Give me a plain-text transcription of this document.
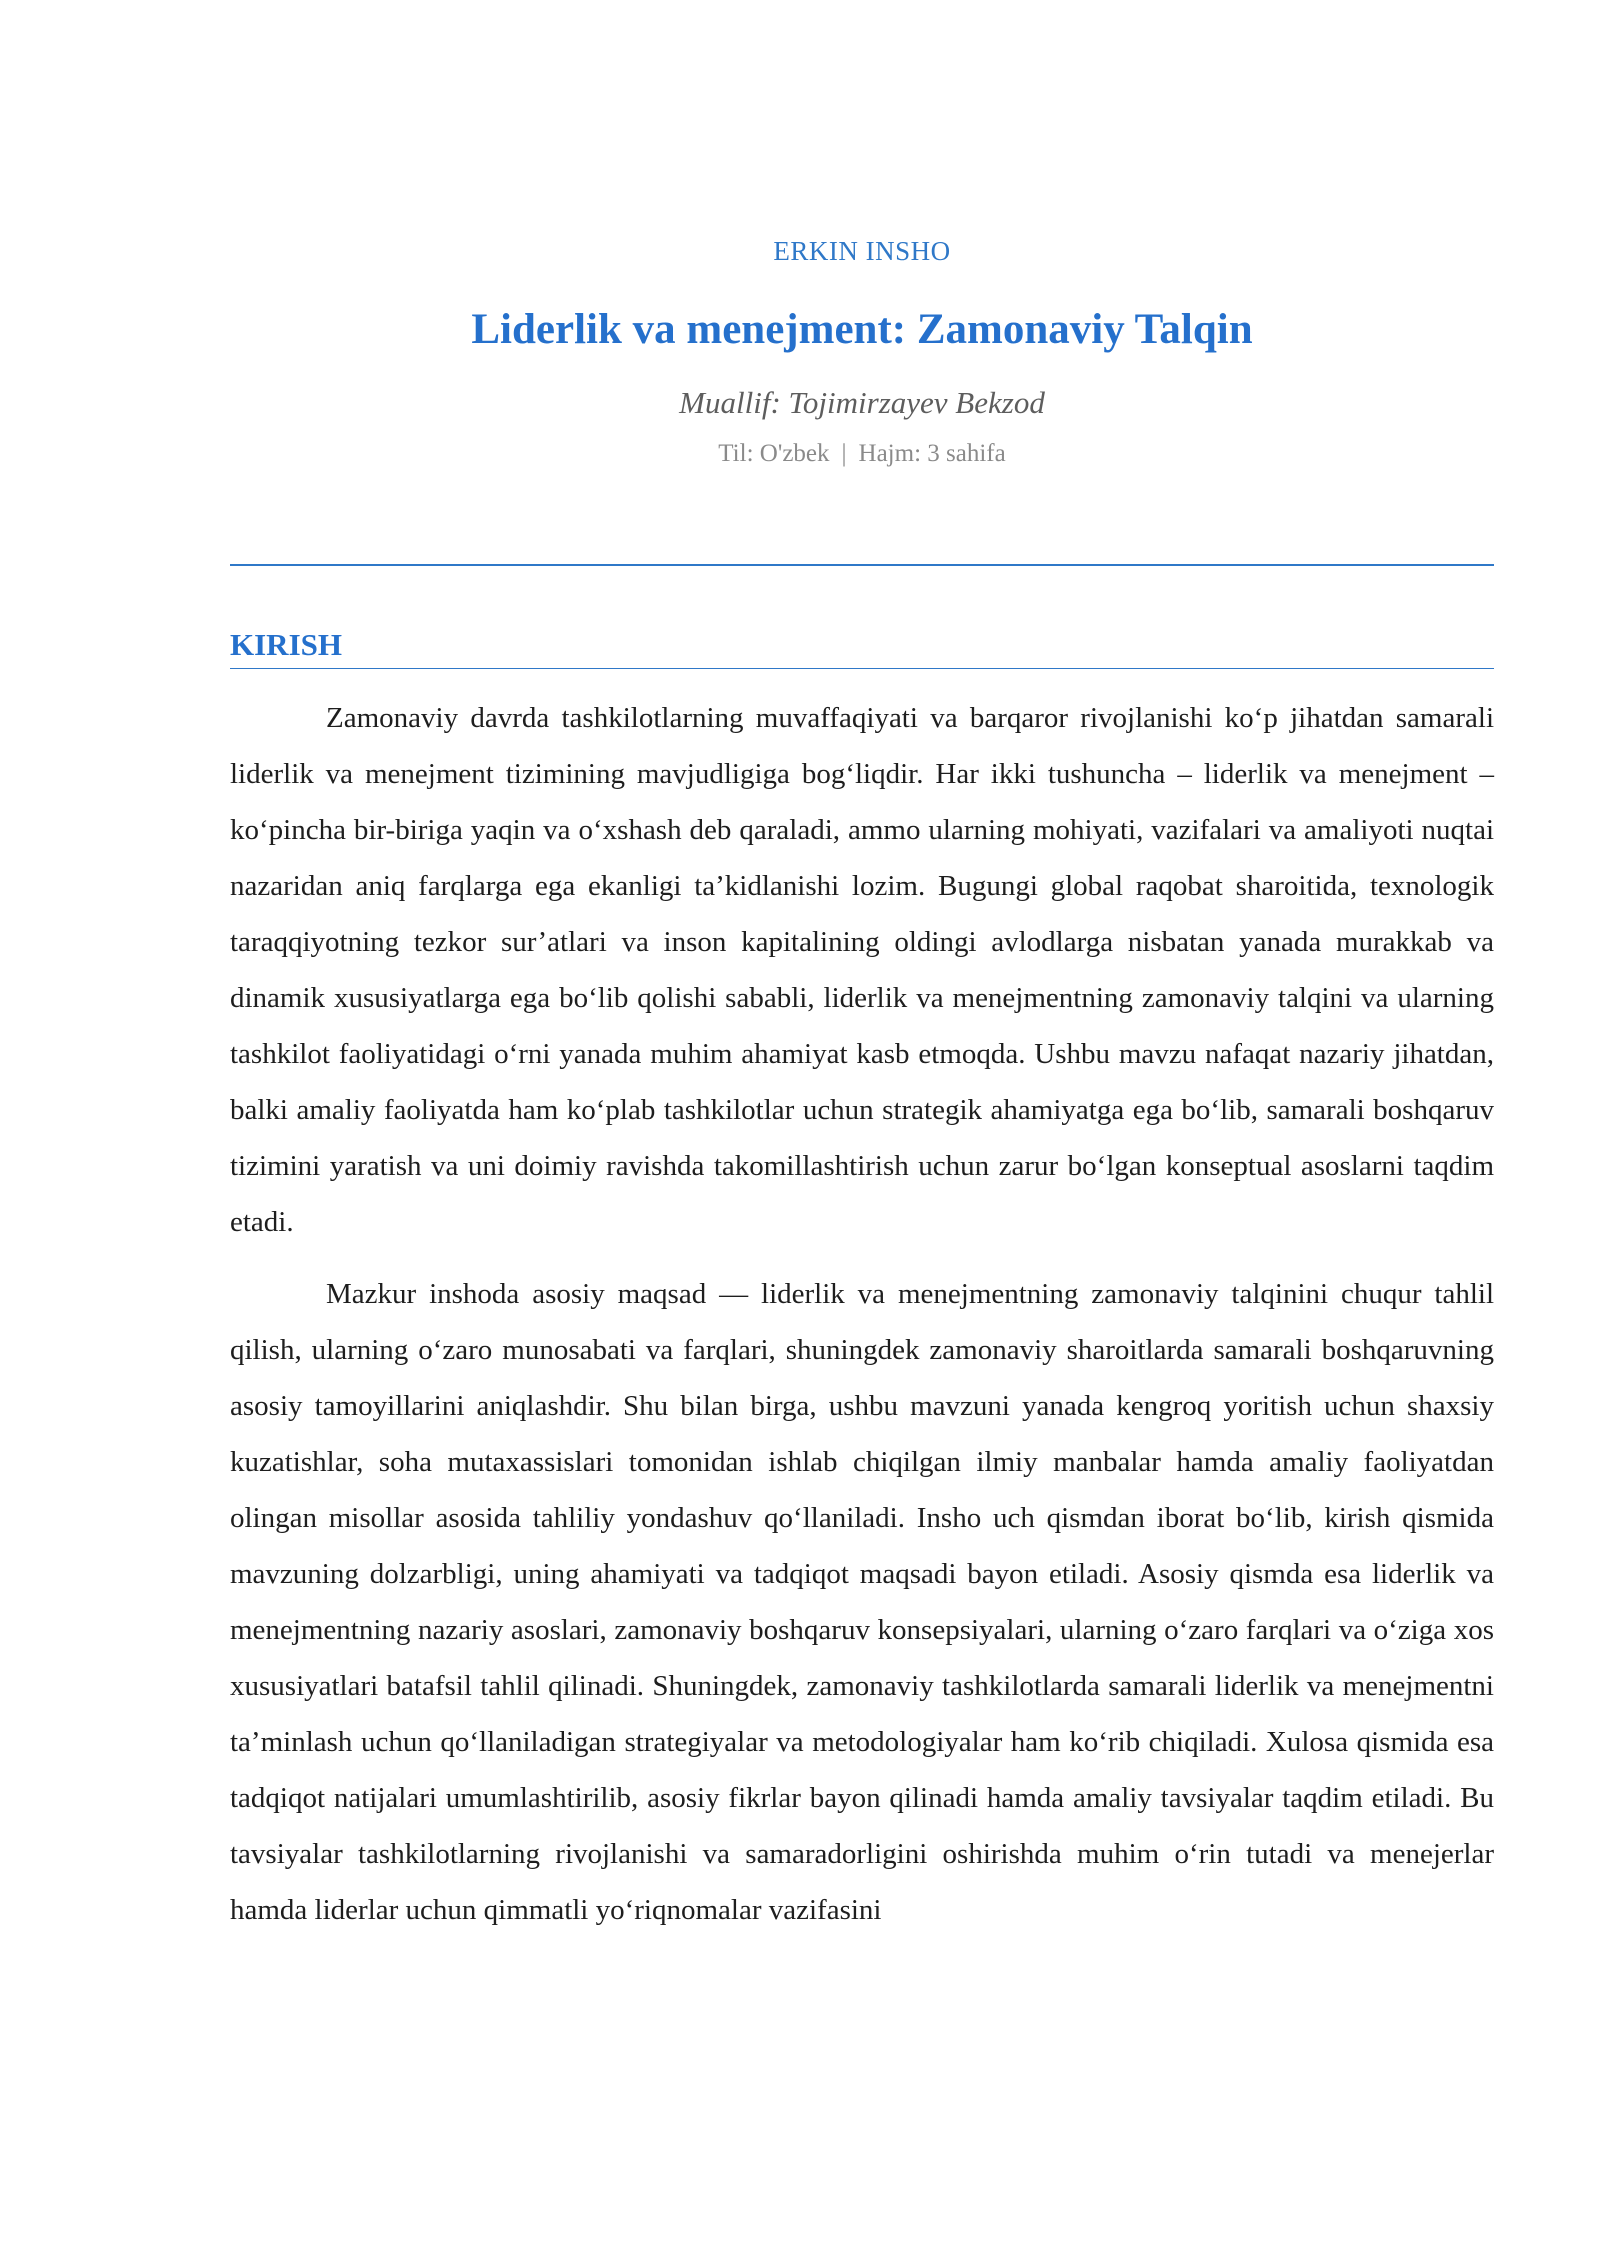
ERKIN INSHO
Liderlik va menejment: Zamonaviy Talqin
Muallif: Tojimirzayev Bekzod
Til: O'zbek | Hajm: 3 sahifa
KIRISH

Zamonaviy davrda tashkilotlarning muvaffaqiyati va barqaror rivojlanishi ko‘p jihatdan samarali liderlik va menejment tizimining mavjudligiga bog‘liqdir. Har ikki tushuncha – liderlik va menejment – ko‘pincha bir-biriga yaqin va o‘xshash deb qaraladi, ammo ularning mohiyati, vazifalari va amaliyoti nuqtai nazaridan aniq farqlarga ega ekanligi ta’kidlanishi lozim. Bugungi global raqobat sharoitida, texnologik taraqqiyotning tezkor sur’atlari va inson kapitalining oldingi avlodlarga nisbatan yanada murakkab va dinamik xususiyatlarga ega bo‘lib qolishi sababli, liderlik va menejmentning zamonaviy talqini va ularning tashkilot faoliyatidagi o‘rni yanada muhim ahamiyat kasb etmoqda. Ushbu mavzu nafaqat nazariy jihatdan, balki amaliy faoliyatda ham ko‘plab tashkilotlar uchun strategik ahamiyatga ega bo‘lib, samarali boshqaruv tizimini yaratish va uni doimiy ravishda takomillashtirish uchun zarur bo‘lgan konseptual asoslarni taqdim etadi.

Mazkur inshoda asosiy maqsad — liderlik va menejmentning zamonaviy talqinini chuqur tahlil qilish, ularning o‘zaro munosabati va farqlari, shuningdek zamonaviy sharoitlarda samarali boshqaruvning asosiy tamoyillarini aniqlashdir. Shu bilan birga, ushbu mavzuni yanada kengroq yoritish uchun shaxsiy kuzatishlar, soha mutaxassislari tomonidan ishlab chiqilgan ilmiy manbalar hamda amaliy faoliyatdan olingan misollar asosida tahliliy yondashuv qo‘llaniladi. Insho uch qismdan iborat bo‘lib, kirish qismida mavzuning dolzarbligi, uning ahamiyati va tadqiqot maqsadi bayon etiladi. Asosiy qismda esa liderlik va menejmentning nazariy asoslari, zamonaviy boshqaruv konsepsiyalari, ularning o‘zaro farqlari va o‘ziga xos xususiyatlari batafsil tahlil qilinadi. Shuningdek, zamonaviy tashkilotlarda samarali liderlik va menejmentni ta’minlash uchun qo‘llaniladigan strategiyalar va metodologiyalar ham ko‘rib chiqiladi. Xulosa qismida esa tadqiqot natijalari umumlashtirilib, asosiy fikrlar bayon qilinadi hamda amaliy tavsiyalar taqdim etiladi. Bu tavsiyalar tashkilotlarning rivojlanishi va samaradorligini oshirishda muhim o‘rin tutadi va menejerlar hamda liderlar uchun qimmatli yo‘riqnomalar vazifasini
